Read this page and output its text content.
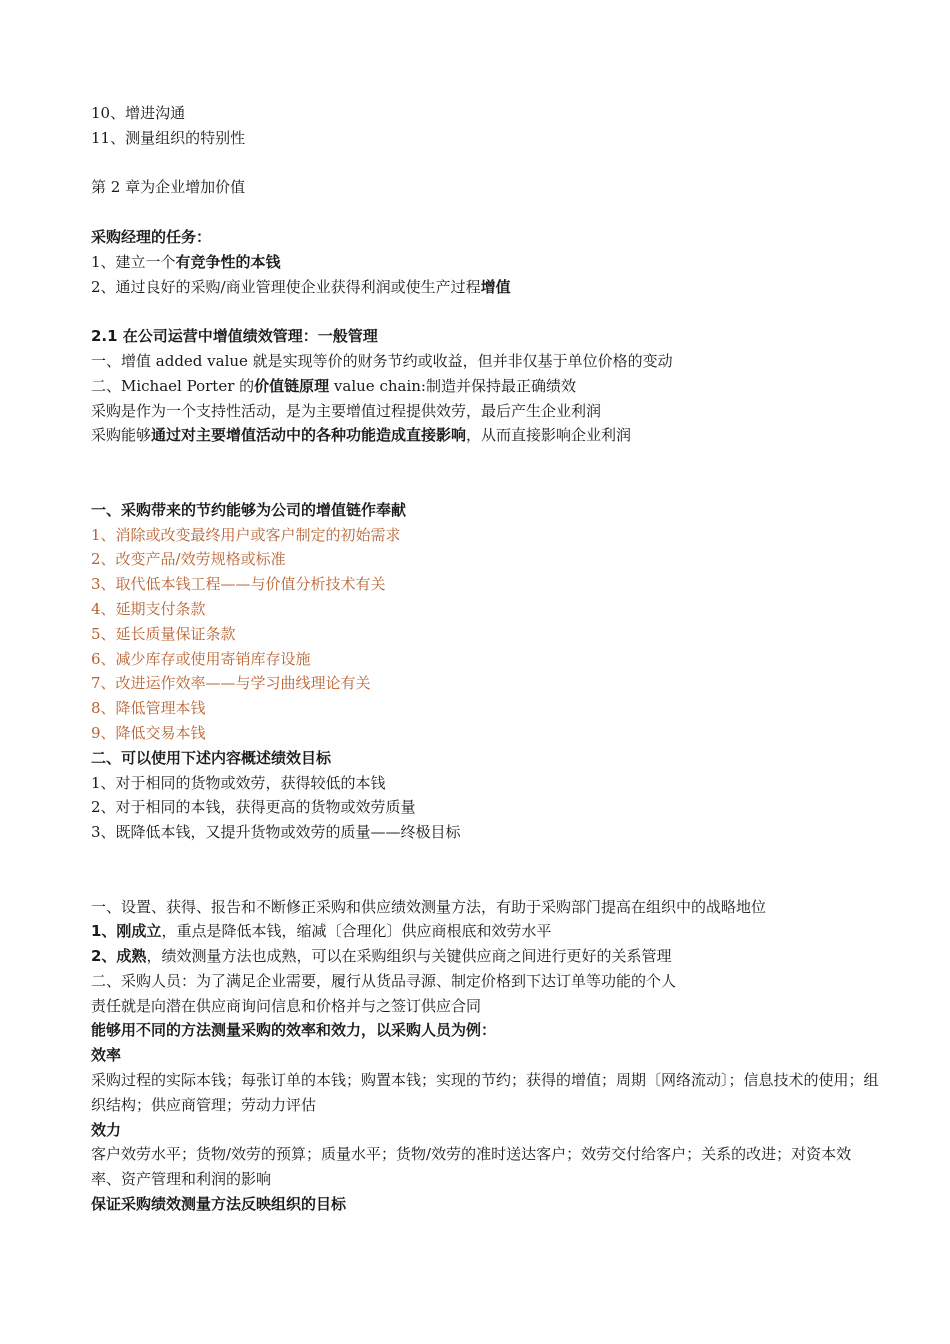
10、增进沟通
11、测量组织的特别性
第 2 章为企业增加价值
采购经理的任务：
1、建立一个有竞争性的本钱
2、通过良好的采购/商业管理使企业获得利润或使生产过程增值
2.1 在公司运营中增值绩效管理：一般管理
一、增值 added value 就是实现等价的财务节约或收益，但并非仅基于单位价格的变动
二、Michael Porter 的价值链原理 value chain:制造并保持最正确绩效
采购是作为一个支持性活动，是为主要增值过程提供效劳，最后产生企业利润
采购能够通过对主要增值活动中的各种功能造成直接影响，从而直接影响企业利润
一、采购带来的节约能够为公司的增值链作奉献
1、消除或改变最终用户或客户制定的初始需求
2、改变产品/效劳规格或标准
3、取代低本钱工程——与价值分析技术有关
4、延期支付条款
5、延长质量保证条款
6、减少库存或使用寄销库存设施
7、改进运作效率——与学习曲线理论有关
8、降低管理本钱
9、降低交易本钱
二、可以使用下述内容概述绩效目标
1、对于相同的货物或效劳，获得较低的本钱
2、对于相同的本钱，获得更高的货物或效劳质量
3、既降低本钱，又提升货物或效劳的质量——终极目标
一、设置、获得、报告和不断修正采购和供应绩效测量方法，有助于采购部门提高在组织中的战略地位
1、刚成立，重点是降低本钱，缩减〔合理化〕供应商根底和效劳水平
2、成熟，绩效测量方法也成熟，可以在采购组织与关键供应商之间进行更好的关系管理
二、采购人员：为了满足企业需要，履行从货品寻源、制定价格到下达订单等功能的个人
责任就是向潜在供应商询问信息和价格并与之签订供应合同
能够用不同的方法测量采购的效率和效力，以采购人员为例：
效率
采购过程的实际本钱；每张订单的本钱；购置本钱；实现的节约；获得的增值；周期〔网络流动〕；信息技术的使用；组织结构；供应商管理；劳动力评估
效力
客户效劳水平；货物/效劳的预算；质量水平；货物/效劳的准时送达客户；效劳交付给客户；关系的改进；对资本效率、资产管理和利润的影响
保证采购绩效测量方法反映组织的目标
